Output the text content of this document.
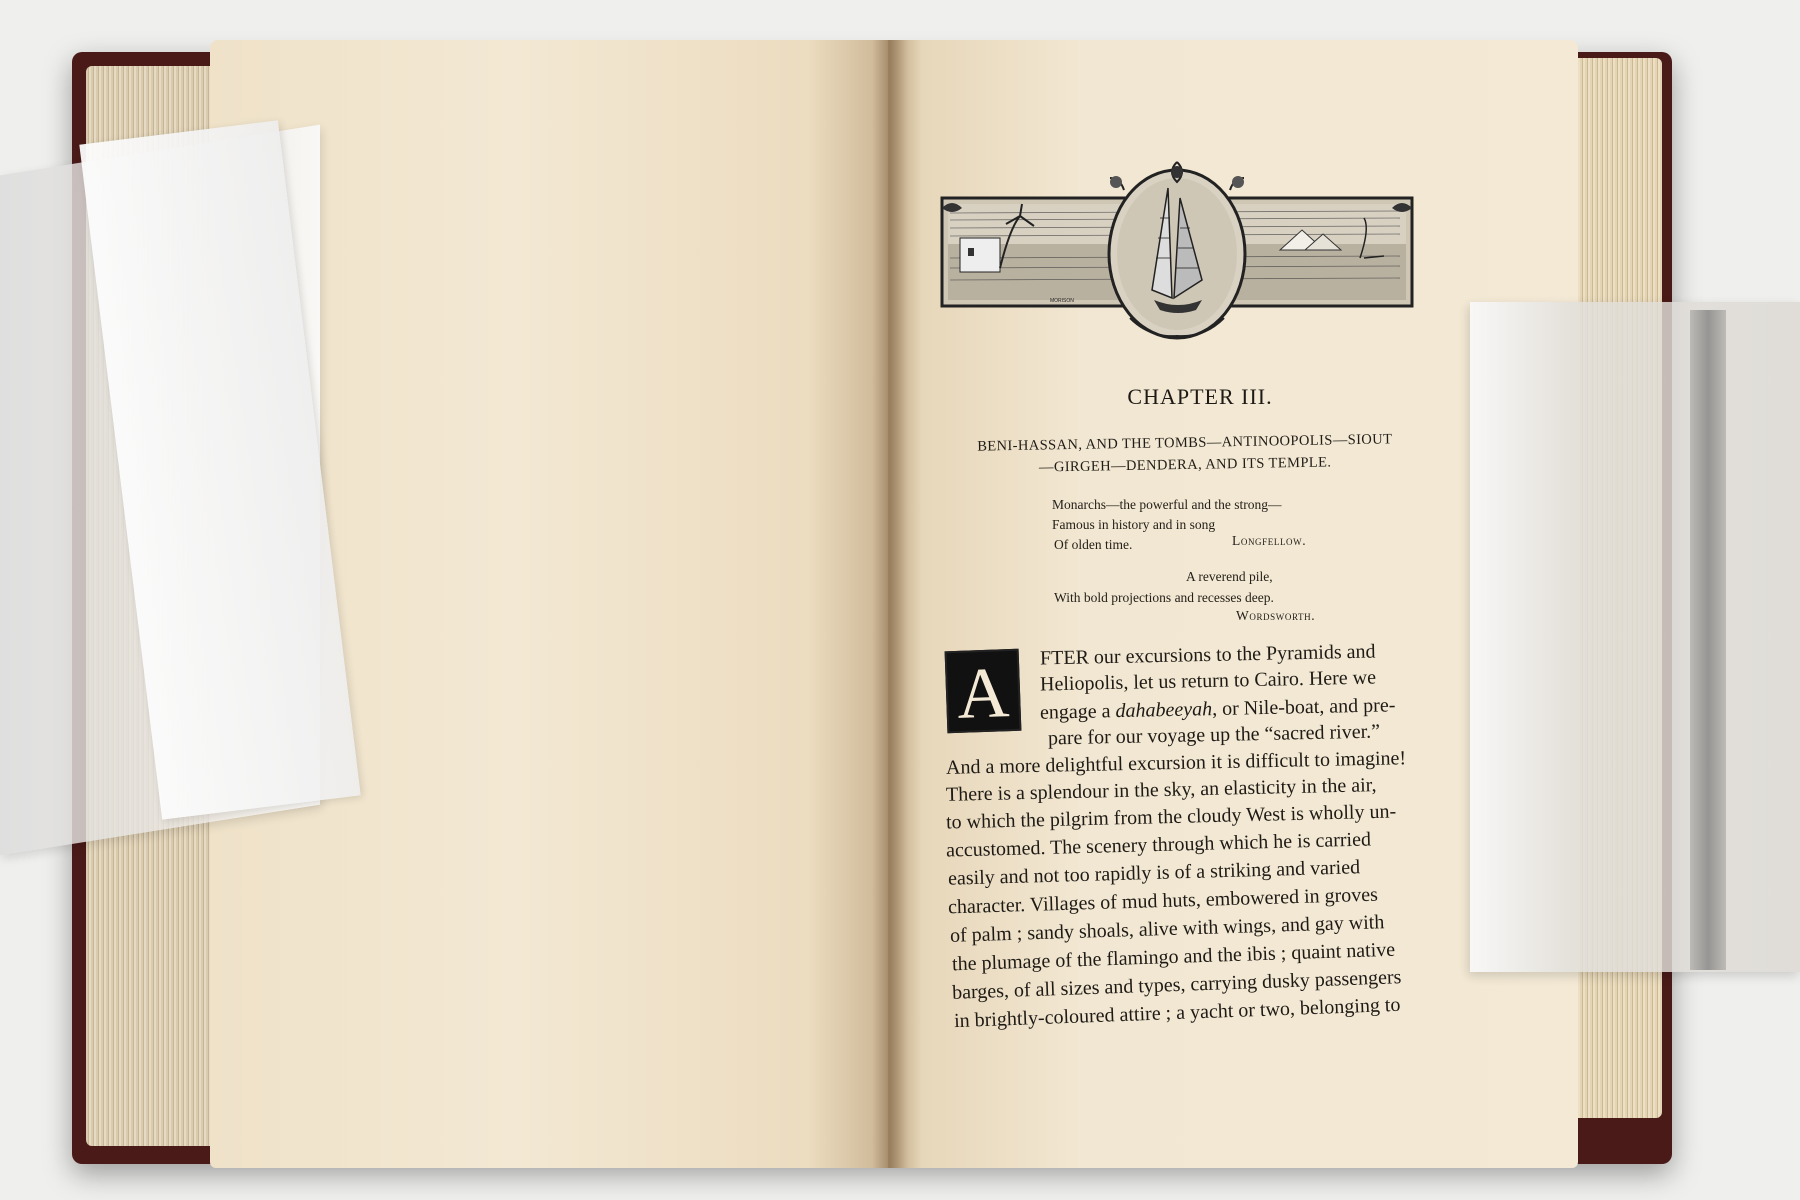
MORISON
CHAPTER III.
BENI-HASSAN, AND THE TOMBS—ANTINOOPOLIS—SIOUT
—GIRGEH—DENDERA, AND ITS TEMPLE.
Monarchs—the powerful and the strong—
Famous in history and in song
Of olden time.	Longfellow.
A reverend pile,
With bold projections and recesses deep.
Wordsworth.
A	FTER our excursions to the Pyramids and
Heliopolis, let us return to Cairo. Here we
engage a dahabeeyah, or Nile-boat, and pre-
pare for our voyage up the “sacred river.”
And a more delightful excursion it is difficult to imagine!
There is a splendour in the sky, an elasticity in the air,
to which the pilgrim from the cloudy West is wholly un-
accustomed. The scenery through which he is carried
easily and not too rapidly is of a striking and varied
character. Villages of mud huts, embowered in groves
of palm ; sandy shoals, alive with wings, and gay with
the plumage of the flamingo and the ibis ; quaint native
barges, of all sizes and types, carrying dusky passengers
in brightly-coloured attire ; a yacht or two, belonging to
